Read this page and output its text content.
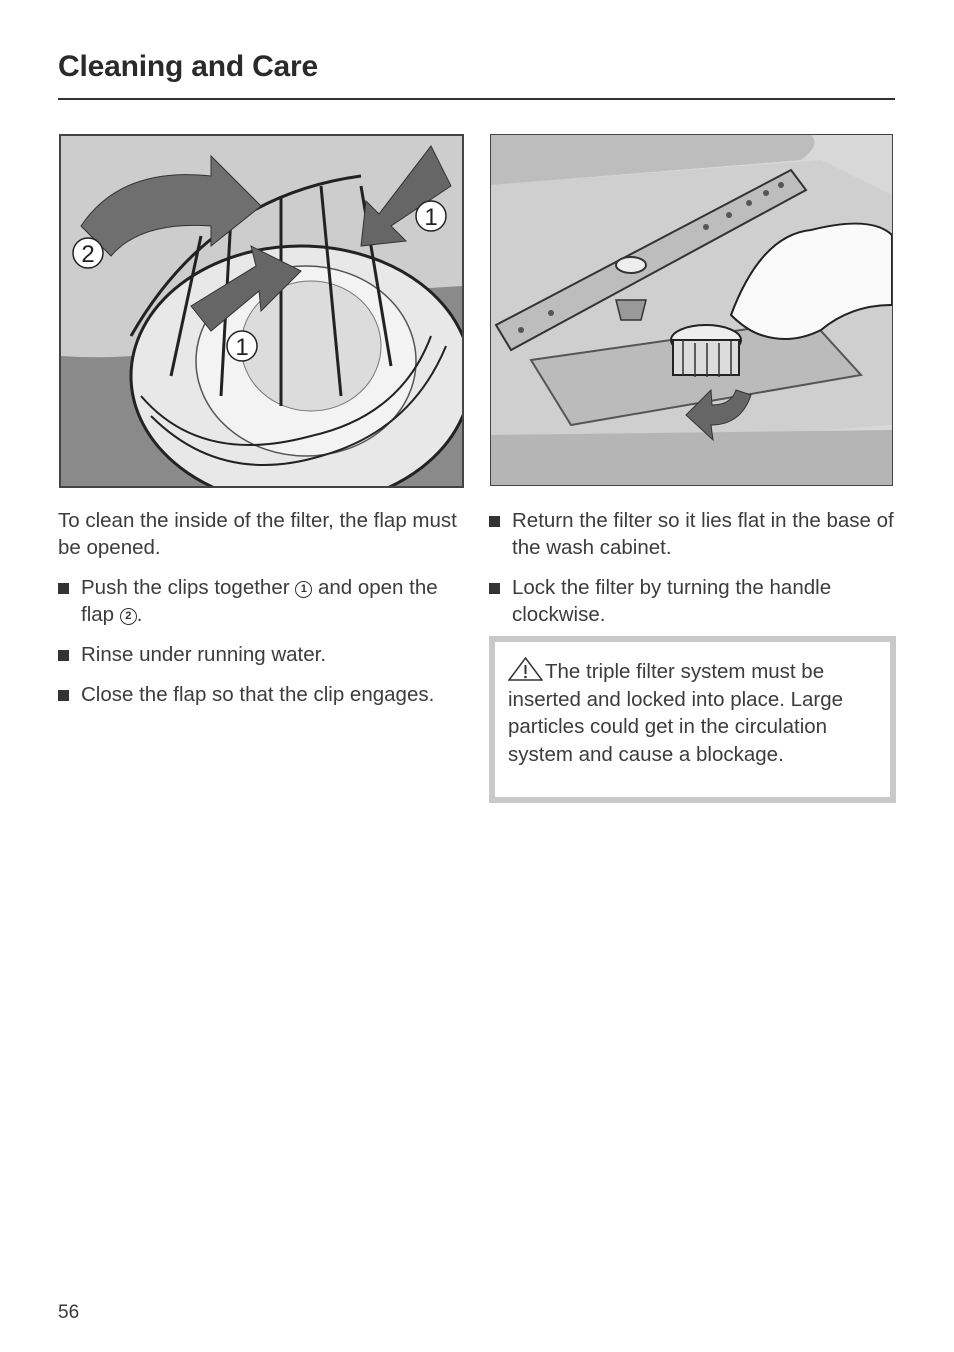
Cleaning and Care
1
2
1

To clean the inside of the filter, the flap must be opened.

Push the clips together 1 and open the flap 2 .
Rinse under running water.
Close the flap so that the clip engages.
Return the filter so it lies flat in the base of the wash cabinet.
Lock the filter by turning the handle clockwise.
The triple filter system must be inserted and locked into place. Large particles could get in the circulation system and cause a blockage.
56
